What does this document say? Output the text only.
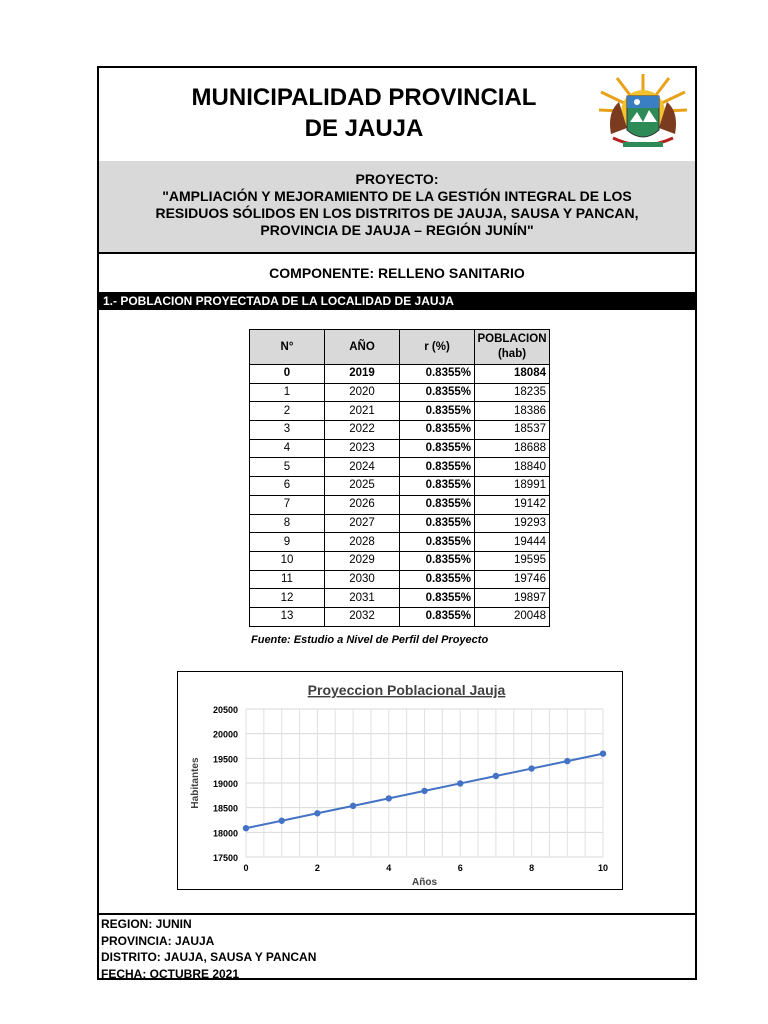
MUNICIPALIDAD PROVINCIAL
DE JAUJA
PROYECTO:
"AMPLIACIÓN Y MEJORAMIENTO DE LA GESTIÓN INTEGRAL DE LOS RESIDUOS SÓLIDOS EN LOS DISTRITOS DE JAUJA, SAUSA Y PANCAN, PROVINCIA DE JAUJA – REGIÓN JUNÍN"
COMPONENTE: RELLENO SANITARIO
1.- POBLACION PROYECTADA DE LA LOCALIDAD DE JAUJA
N°	AÑO	r (%)	POBLACION
(hab)

0	2019	0.8355%	18084
1	2020	0.8355%	18235
2	2021	0.8355%	18386
3	2022	0.8355%	18537
4	2023	0.8355%	18688
5	2024	0.8355%	18840
6	2025	0.8355%	18991
7	2026	0.8355%	19142
8	2027	0.8355%	19293
9	2028	0.8355%	19444
10	2029	0.8355%	19595
11	2030	0.8355%	19746
12	2031	0.8355%	19897
13	2032	0.8355%	20048
Fuente: Estudio a Nivel de Perfil del Proyecto
Proyeccion Poblacional Jauja
17500
18000
18500
19000
19500
20000
20500
0	2	4	6	8	10
Años
Habitantes
REGION: JUNIN
PROVINCIA: JAUJA
DISTRITO: JAUJA, SAUSA Y PANCAN
FECHA: OCTUBRE 2021
